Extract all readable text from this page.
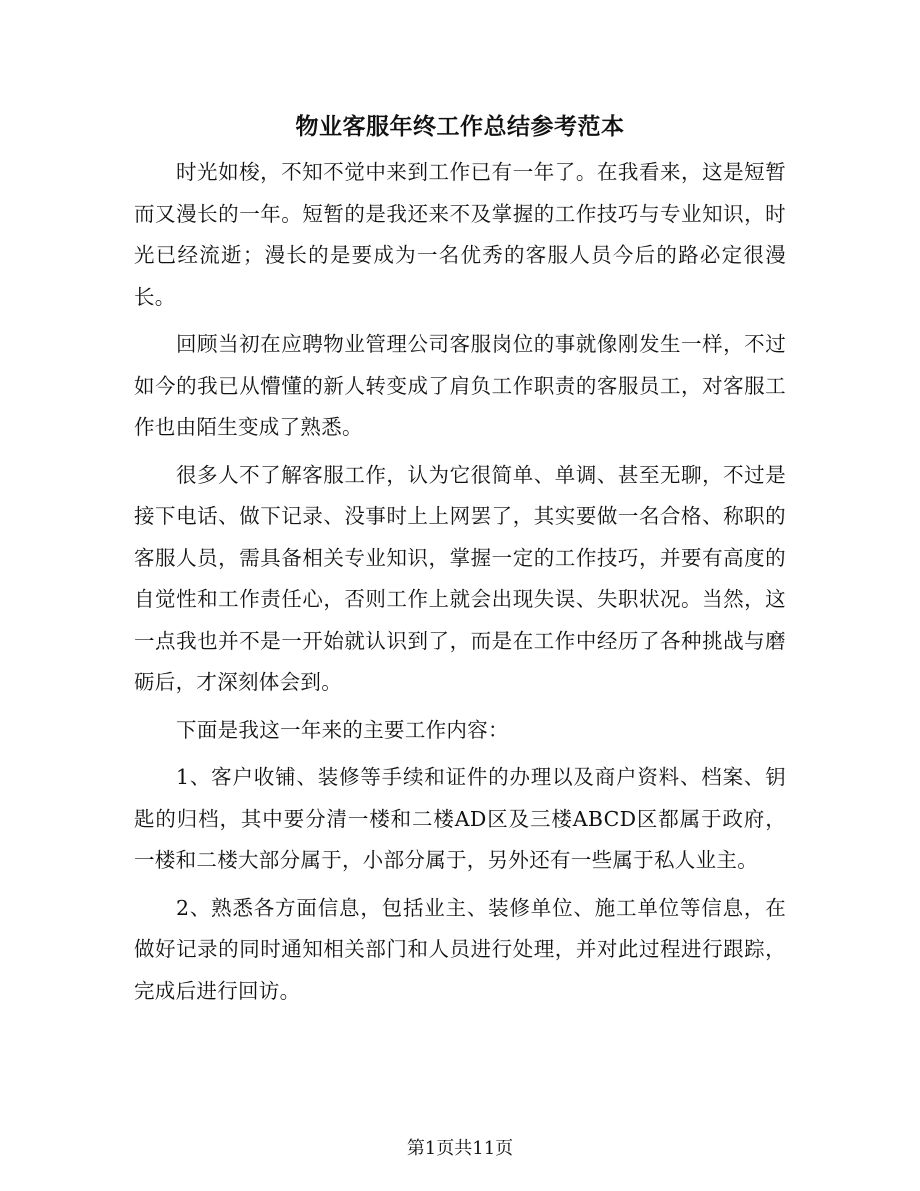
物业客服年终工作总结参考范本

时光如梭，不知不觉中来到工作已有一年了。在我看来，这是短暂而又漫长的一年。短暂的是我还来不及掌握的工作技巧与专业知识，时光已经流逝；漫长的是要成为一名优秀的客服人员今后的路必定很漫长。

回顾当初在应聘物业管理公司客服岗位的事就像刚发生一样，不过如今的我已从懵懂的新人转变成了肩负工作职责的客服员工，对客服工作也由陌生变成了熟悉。

很多人不了解客服工作，认为它很简单、单调、甚至无聊，不过是接下电话、做下记录、没事时上上网罢了，其实要做一名合格、称职的客服人员，需具备相关专业知识，掌握一定的工作技巧，并要有高度的自觉性和工作责任心，否则工作上就会出现失误、失职状况。当然，这一点我也并不是一开始就认识到了，而是在工作中经历了各种挑战与磨砺后，才深刻体会到。

下面是我这一年来的主要工作内容：

1、客户收铺、装修等手续和证件的办理以及商户资料、档案、钥匙的归档，其中要分清一楼和二楼AD区及三楼ABCD区都属于政府，一楼和二楼大部分属于，小部分属于，另外还有一些属于私人业主。

2、熟悉各方面信息，包括业主、装修单位、施工单位等信息，在做好记录的同时通知相关部门和人员进行处理，并对此过程进行跟踪，完成后进行回访。

第1页共11页
